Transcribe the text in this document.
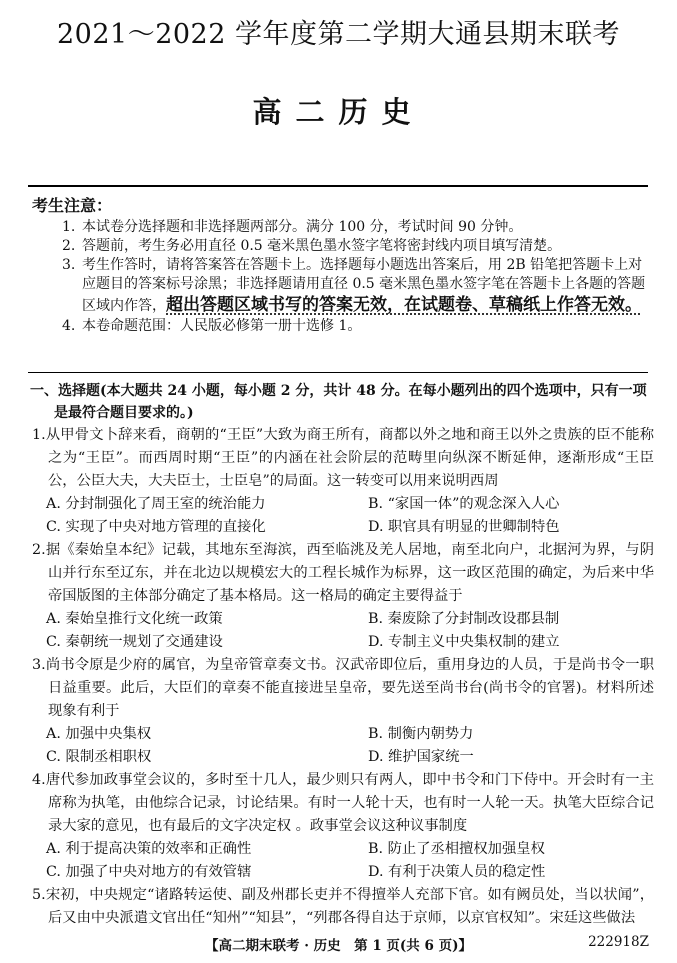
2021～2022 学年度第二学期大通县期末联考
高二历史
考生注意：
1. 本试卷分选择题和非选择题两部分。满分 100 分，考试时间 90 分钟。
2. 答题前，考生务必用直径 0.5 毫米黑色墨水签字笔将密封线内项目填写清楚。
3. 考生作答时，请将答案答在答题卡上。选择题每小题选出答案后，用 2B 铅笔把答题卡上对应题目的答案标号涂黑；非选择题请用直径 0.5 毫米黑色墨水签字笔在答题卡上各题的答题区域内作答，超出答题区域书写的答案无效，在试题卷、草稿纸上作答无效。
4. 本卷命题范围：人民版必修第一册十选修 1。
一、选择题(本大题共 24 小题，每小题 2 分，共计 48 分。在每小题列出的四个选项中，只有一项是最符合题目要求的。)
1.从甲骨文卜辞来看，商朝的“王臣”大致为商王所有，商都以外之地和商王以外之贵族的臣不能称之为“王臣”。而西周时期“王臣”的内涵在社会阶层的范畴里向纵深不断延伸，逐渐形成“王臣公，公臣大夫，大夫臣士，士臣皂”的局面。这一转变可以用来说明西周
A. 分封制强化了周王室的统治能力	B. “家国一体”的观念深入人心
C. 实现了中央对地方管理的直接化	D. 职官具有明显的世卿制特色
2.据《秦始皇本纪》记载，其地东至海滨，西至临洮及羌人居地，南至北向户，北据河为界，与阴山并行东至辽东，并在北边以规模宏大的工程长城作为标界，这一政区范围的确定，为后来中华帝国版图的主体部分确定了基本格局。这一格局的确定主要得益于
A. 秦始皇推行文化统一政策	B. 秦废除了分封制改设郡县制
C. 秦朝统一规划了交通建设	D. 专制主义中央集权制的建立
3.尚书令原是少府的属官，为皇帝管章奏文书。汉武帝即位后，重用身边的人员，于是尚书令一职日益重要。此后，大臣们的章奏不能直接进呈皇帝，要先送至尚书台(尚书令的官署)。材料所述现象有利于
A. 加强中央集权	B. 制衡内朝势力
C. 限制丞相职权	D. 维护国家统一
4.唐代参加政事堂会议的，多时至十几人，最少则只有两人，即中书令和门下侍中。开会时有一主席称为执笔，由他综合记录，讨论结果。有时一人轮十天，也有时一人轮一天。执笔大臣综合记录大家的意见，也有最后的文字决定权 。政事堂会议这种议事制度
A. 利于提高决策的效率和正确性	B. 防止了丞相擅权加强皇权
C. 加强了中央对地方的有效管辖	D. 有利于决策人员的稳定性
5.宋初，中央规定“诸路转运使、副及州郡长吏并不得擅举人充部下官。如有阙员处，当以状闻”，后又由中央派遣文官出任“知州”“知县”，“列郡各得自达于京师，以京官权知”。宋廷这些做法
【高二期末联考 · 历史　第 1 页(共 6 页)】	222918Z
